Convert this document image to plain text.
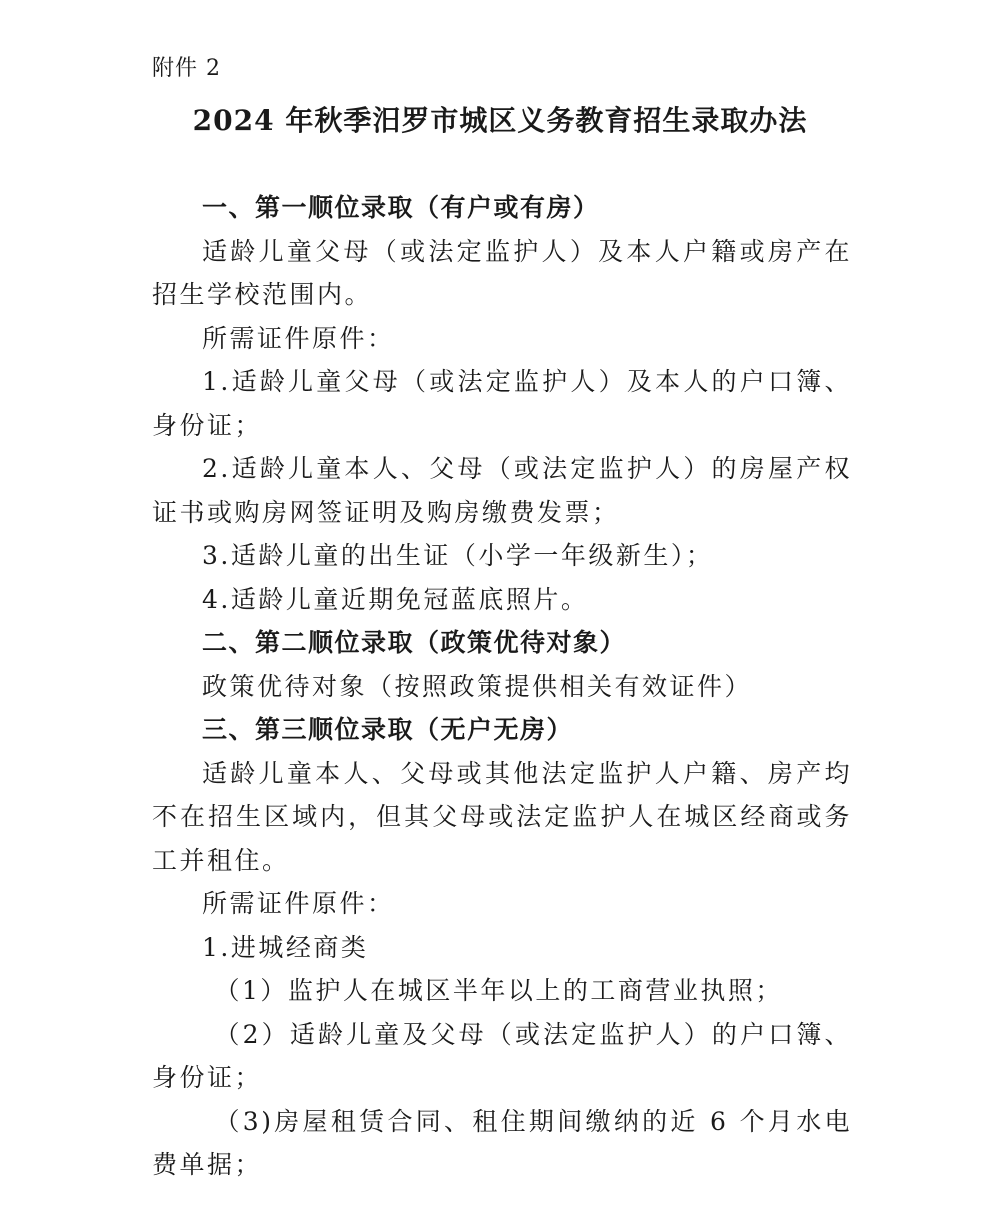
附件 2
2024 年秋季汨罗市城区义务教育招生录取办法

一、第一顺位录取（有户或有房）

适龄儿童父母（或法定监护人）及本人户籍或房产在招生学校范围内。

所需证件原件：

1.适龄儿童父母（或法定监护人）及本人的户口簿、身份证；

2.适龄儿童本人、父母（或法定监护人）的房屋产权证书或购房网签证明及购房缴费发票；

3.适龄儿童的出生证（小学一年级新生）；

4.适龄儿童近期免冠蓝底照片。

二、第二顺位录取（政策优待对象）

政策优待对象（按照政策提供相关有效证件）

三、第三顺位录取（无户无房）

适龄儿童本人、父母或其他法定监护人户籍、房产均不在招生区域内，但其父母或法定监护人在城区经商或务工并租住。

所需证件原件：

1.进城经商类

（1）监护人在城区半年以上的工商营业执照；

（2）适龄儿童及父母（或法定监护人）的户口簿、身份证；

（3)房屋租赁合同、租住期间缴纳的近 6 个月水电费单据；
